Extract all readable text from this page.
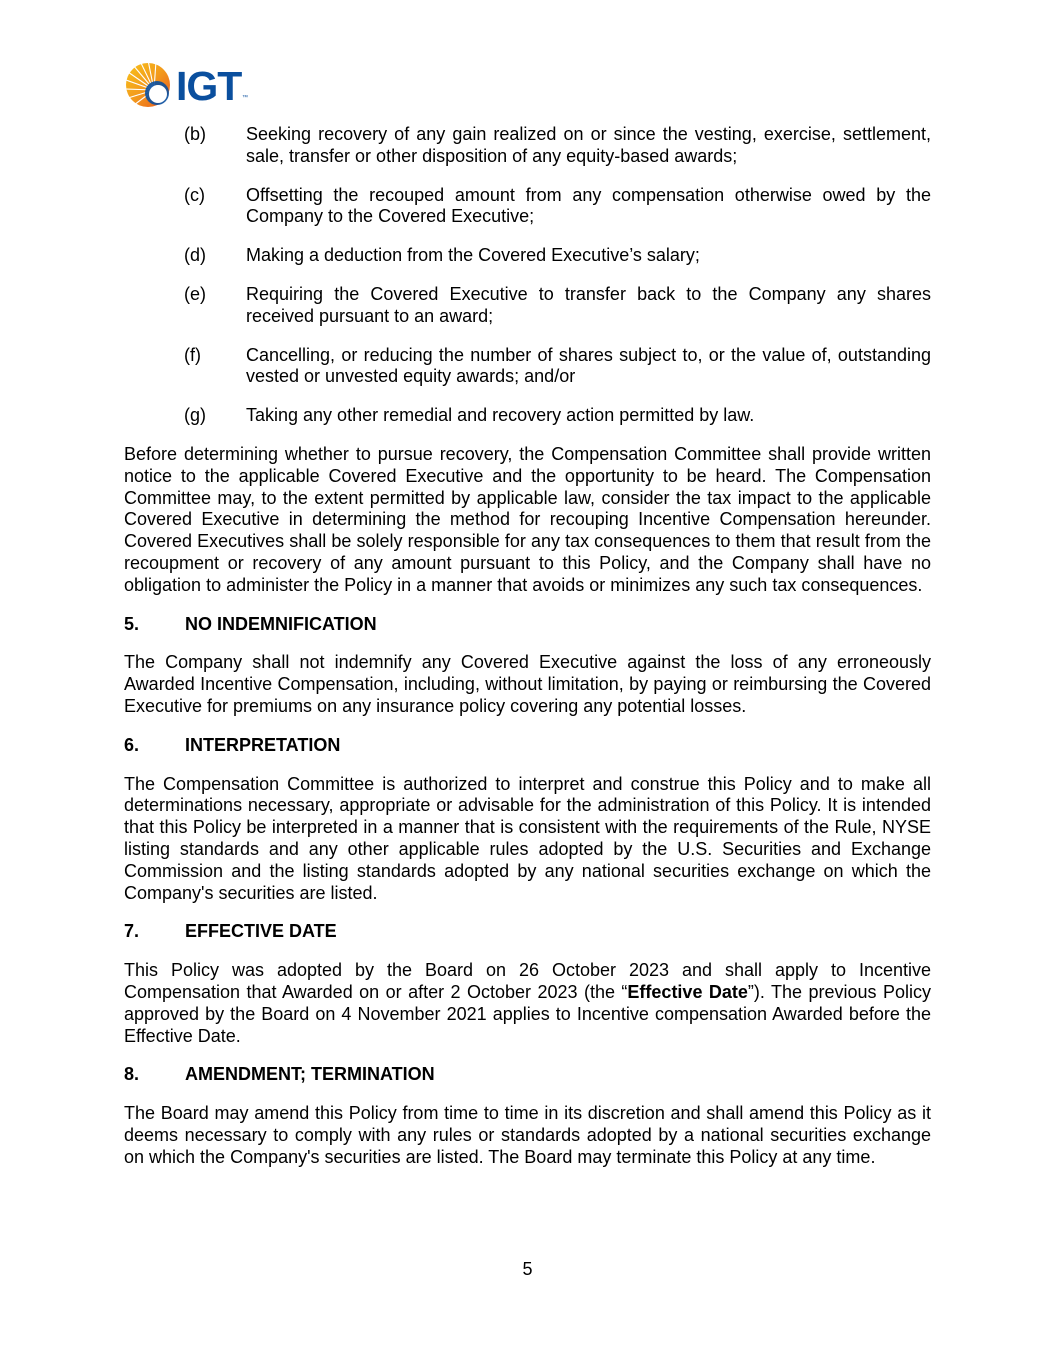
IGT ™
(b)	Seeking recovery of any gain realized on or since the vesting, exercise, settlement, sale, transfer or other disposition of any equity-based awards;
(c)	Offsetting the recouped amount from any compensation otherwise owed by the Company to the Covered Executive;
(d)	Making a deduction from the Covered Executive’s salary;
(e)	Requiring the Covered Executive to transfer back to the Company any shares received pursuant to an award;
(f)	Cancelling, or reducing the number of shares subject to, or the value of, outstanding vested or unvested equity awards; and/or
(g)	Taking any other remedial and recovery action permitted by law.

Before determining whether to pursue recovery, the Compensation Committee shall provide written notice to the applicable Covered Executive and the opportunity to be heard. The Compensation Committee may, to the extent permitted by applicable law, consider the tax impact to the applicable Covered Executive in determining the method for recouping Incentive Compensation hereunder. Covered Executives shall be solely responsible for any tax consequences to them that result from the recoupment or recovery of any amount pursuant to this Policy, and the Company shall have no obligation to administer the Policy in a manner that avoids or minimizes any such tax consequences.

5.	NO INDEMNIFICATION

The Company shall not indemnify any Covered Executive against the loss of any erroneously Awarded Incentive Compensation, including, without limitation, by paying or reimbursing the Covered Executive for premiums on any insurance policy covering any potential losses.

6.	INTERPRETATION

The Compensation Committee is authorized to interpret and construe this Policy and to make all determinations necessary, appropriate or advisable for the administration of this Policy. It is intended that this Policy be interpreted in a manner that is consistent with the requirements of the Rule, NYSE listing standards and any other applicable rules adopted by the U.S. Securities and Exchange Commission and the listing standards adopted by any national securities exchange on which the Company's securities are listed.

7.	EFFECTIVE DATE

This Policy was adopted by the Board on 26 October 2023 and shall apply to Incentive Compensation that Awarded on or after 2 October 2023 (the “Effective Date”). The previous Policy approved by the Board on 4 November 2021 applies to Incentive compensation Awarded before the Effective Date.

8.	AMENDMENT; TERMINATION

The Board may amend this Policy from time to time in its discretion and shall amend this Policy as it deems necessary to comply with any rules or standards adopted by a national securities exchange on which the Company's securities are listed. The Board may terminate this Policy at any time.

5
